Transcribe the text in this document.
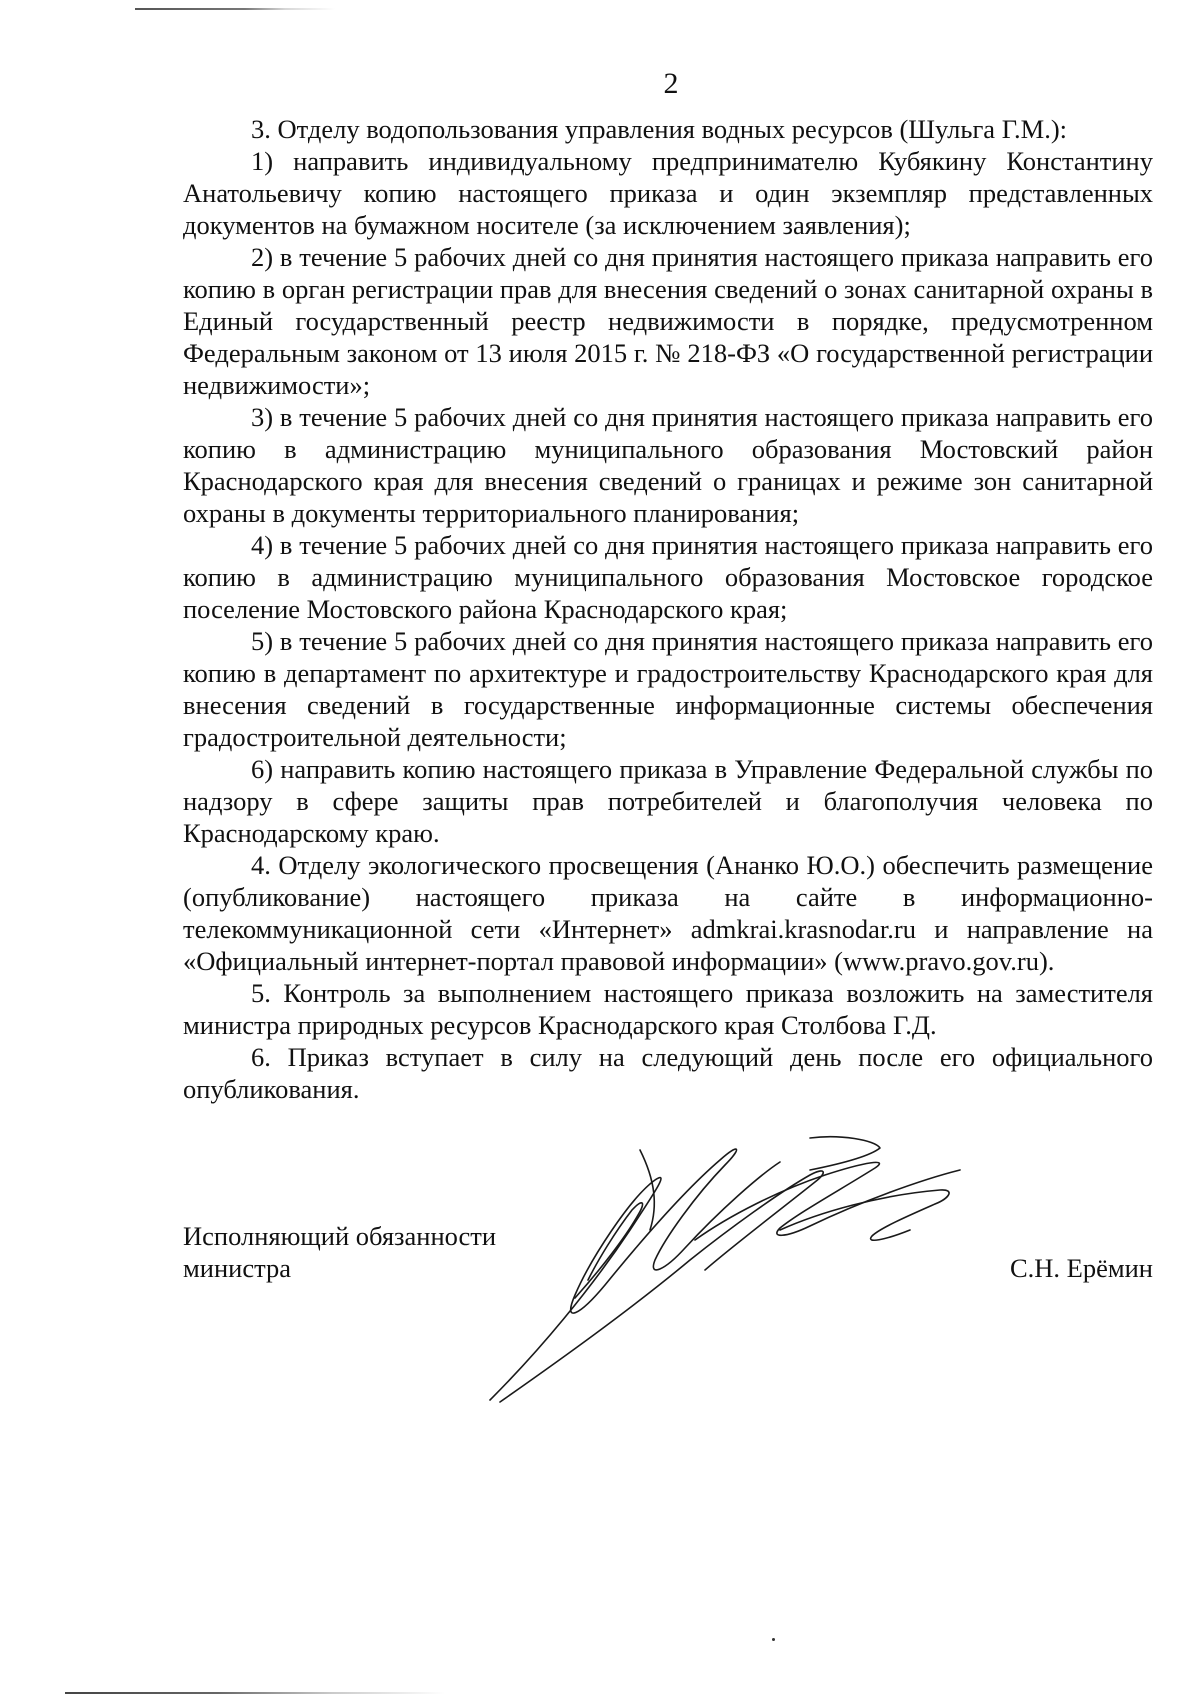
2

3. Отделу водопользования управления водных ресурсов (Шульга Г.М.):

1) направить индивидуальному предпринимателю Кубякину Константину Анатольевичу копию настоящего приказа и один экземпляр представленных документов на бумажном носителе (за исключением заявления);

2) в течение 5 рабочих дней со дня принятия настоящего приказа направить его копию в орган регистрации прав для внесения сведений о зонах санитарной охраны в Единый государственный реестр недвижимости в порядке, предусмотренном Федеральным законом от 13 июля 2015 г. № 218-ФЗ «О государственной регистрации недвижимости»;

3) в течение 5 рабочих дней со дня принятия настоящего приказа направить его копию в администрацию муниципального образования Мостовский район Краснодарского края для внесения сведений о границах и режиме зон санитарной охраны в документы территориального планирования;

4) в течение 5 рабочих дней со дня принятия настоящего приказа направить его копию в администрацию муниципального образования Мостовское городское поселение Мостовского района Краснодарского края;

5) в течение 5 рабочих дней со дня принятия настоящего приказа направить его копию в департамент по архитектуре и градостроительству Краснодарского края для внесения сведений в государственные информационные системы обеспечения градостроительной деятельности;

6) направить копию настоящего приказа в Управление Федеральной службы по надзору в сфере защиты прав потребителей и благополучия человека по Краснодарскому краю.

4. Отделу экологического просвещения (Ананко Ю.О.) обеспечить размещение (опубликование) настоящего приказа на сайте в информационно-телекоммуникационной сети «Интернет» admkrai.krasnodar.ru и направление на «Официальный интернет-портал правовой информации» (www.pravo.gov.ru).

5. Контроль за выполнением настоящего приказа возложить на заместителя министра природных ресурсов Краснодарского края Столбова Г.Д.

6. Приказ вступает в силу на следующий день после его официального опубликования.

Исполняющий обязанности
министра	С.Н. Ерёмин
